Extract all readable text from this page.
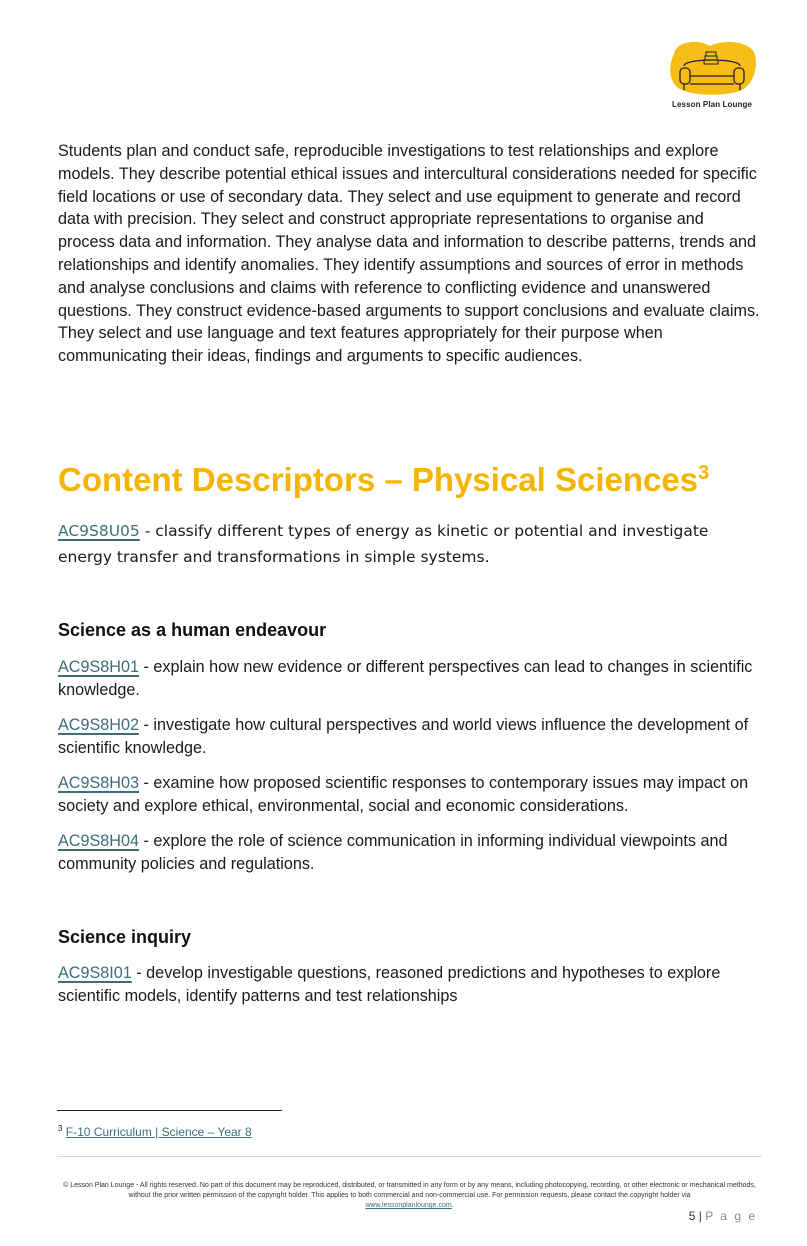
Lesson Plan Lounge

Students plan and conduct safe, reproducible investigations to test relationships and explore models. They describe potential ethical issues and intercultural considerations needed for specific field locations or use of secondary data. They select and use equipment to generate and record data with precision. They select and construct appropriate representations to organise and process data and information. They analyse data and information to describe patterns, trends and relationships and identify anomalies. They identify assumptions and sources of error in methods and analyse conclusions and claims with reference to conflicting evidence and unanswered questions. They construct evidence-based arguments to support conclusions and evaluate claims. They select and use language and text features appropriately for their purpose when communicating their ideas, findings and arguments to specific audiences.

Content Descriptors – Physical Sciences$^3$

AC9S8U05 - classify different types of energy as kinetic or potential and investigate energy transfer and transformations in simple systems.

Science as a human endeavour

AC9S8H01 - explain how new evidence or different perspectives can lead to changes in scientific knowledge.

AC9S8H02 - investigate how cultural perspectives and world views influence the development of scientific knowledge.

AC9S8H03 - examine how proposed scientific responses to contemporary issues may impact on society and explore ethical, environmental, social and economic considerations.

AC9S8H04 - explore the role of science communication in informing individual viewpoints and community policies and regulations.

Science inquiry

AC9S8I01 - develop investigable questions, reasoned predictions and hypotheses to explore scientific models, identify patterns and test relationships

$^3$ F-10 Curriculum | Science – Year 8
© Lesson Plan Lounge - All rights reserved. No part of this document may be reproduced, distributed, or transmitted in any form or by any means, including photocopying, recording, or other electronic or mechanical methods, without the prior written permission of the copyright holder. This applies to both commercial and non-commercial use. For permission requests, please contact the copyright holder via
www.lessonplanlounge.com.
5 | P a g e
